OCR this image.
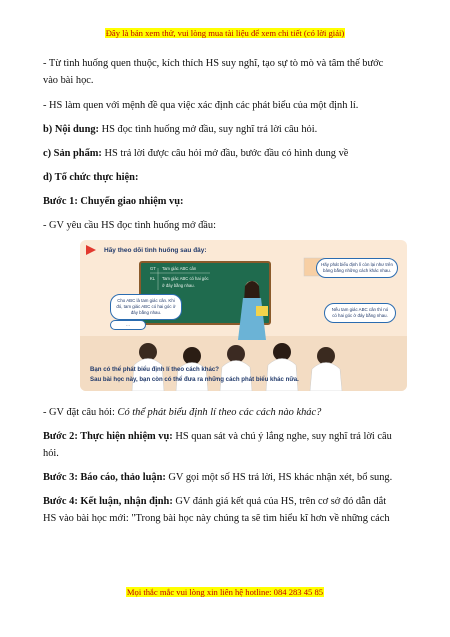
Đây là bản xem thử, vui lòng mua tài liệu để xem chi tiết (có lời giải)
- Từ tình huống quen thuộc, kích thích HS suy nghĩ, tạo sự tò mò và tâm thế bước
vào bài học.
- HS làm quen với mệnh đề qua việc xác định các phát biểu của một định lí.
b) Nội dung: HS đọc tình huống mở đầu, suy nghĩ trả lời câu hỏi.
c) Sản phẩm: HS trả lời được câu hỏi mở đầu, bước đầu có hình dung về
d) Tổ chức thực hiện:
Bước 1: Chuyển giao nhiệm vụ:
- GV yêu cầu HS đọc tình huống mở đầu:
- GV đặt câu hỏi: Có thể phát biểu định lí theo các cách nào khác?
Bước 2: Thực hiện nhiệm vụ: HS quan sát và chú ý lắng nghe, suy nghĩ trả lời câu
hỏi.
Bước 3: Báo cáo, thảo luận: GV gọi một số HS trả lời, HS khác nhận xét, bổ sung.
Bước 4: Kết luận, nhận định: GV đánh giá kết quả của HS, trên cơ sở đó dẫn dắt
HS vào bài học mới: "Trong bài học này chúng ta sẽ tìm hiểu kĩ hơn về những cách
GT Tam giác ABC cân
KL Tam giác ABC có hai góc
ở đáy bằng nhau.
Hãy theo dõi tình huống sau đây:
Cho ABC là tam giác cân. Khi đó, tam giác ABC có hai góc ở đáy bằng nhau.
...
Hãy phát biểu định lí còn lại như trên bảng bằng những cách khác nhau.
Nếu tam giác ABC cân thì nó có hai góc ở đáy bằng nhau.
Bạn có thể phát biểu định lí theo cách khác?
Sau bài học này, bạn còn có thể đưa ra những cách phát biểu khác nữa.
Mọi thắc mắc vui lòng xin liên hệ hotline: 084 283 45 85
